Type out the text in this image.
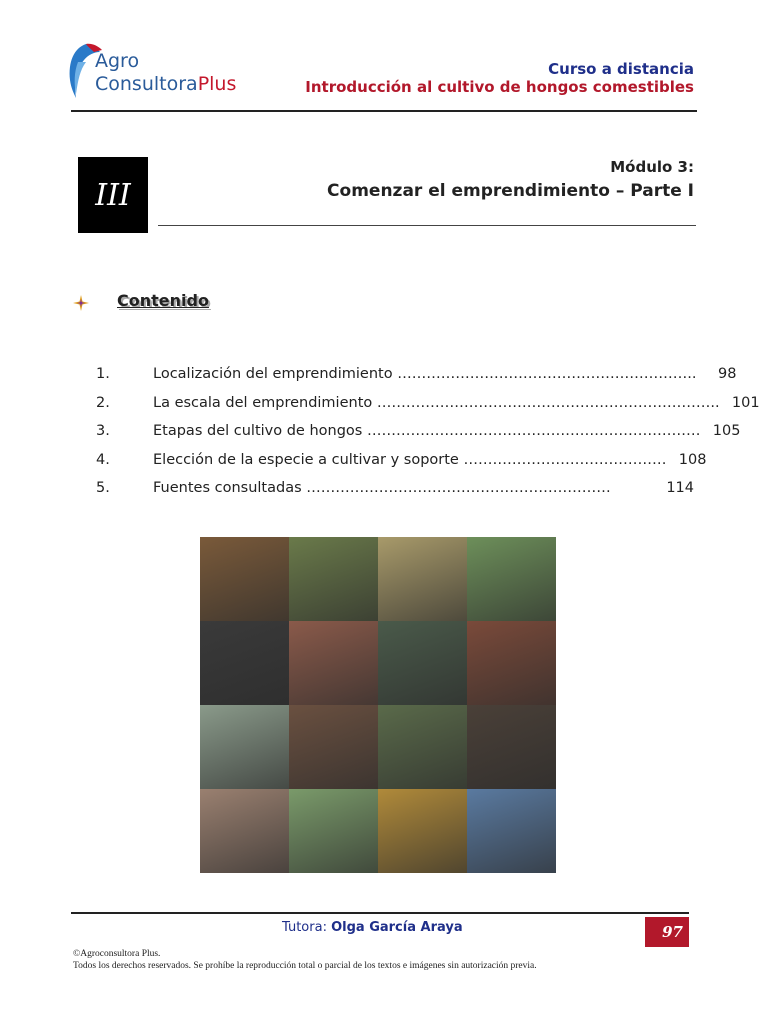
Agro
ConsultoraPlus
Curso a distancia
Introducción al cultivo de hongos comestibles
III
Módulo 3:
Comenzar el emprendimiento – Parte I
Contenido
1.	Localización del emprendimiento ……………………………………………………..	98
2.	La escala del emprendimiento …………………………………………………………….. 101
3.	Etapas del cultivo de hongos …………………………………………………………… 105
4.	Elección de la especie a cultivar y soporte …………………………………… 108
5.	Fuentes consultadas ………………………………………………………	114
Tutora: Olga García Araya	97
©Agroconsultora Plus.
Todos los derechos reservados. Se prohíbe la reproducción total o parcial de los textos e imágenes sin autorización previa.
